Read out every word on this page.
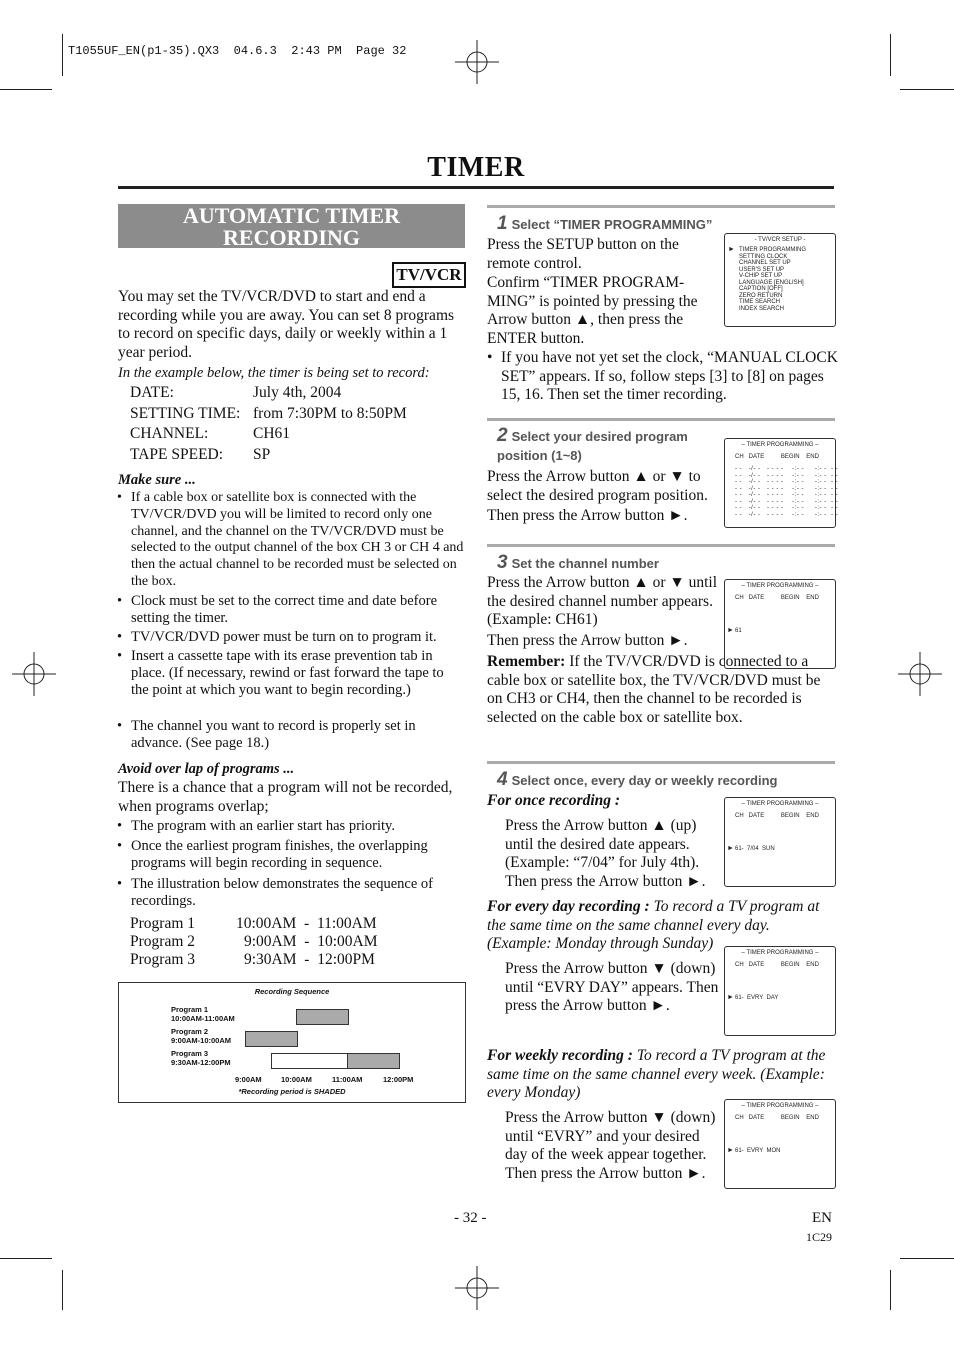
T1055UF_EN(p1-35).QX3  04.6.3  2:43 PM  Page 32
TIMER
AUTOMATIC TIMER RECORDING
TV/VCR
You may set the TV/VCR/DVD to start and end a recording while you are away. You can set 8 programs to record on specific days, daily or weekly within a 1 year period.
In the example below, the timer is being set to record:
DATE:	July 4th, 2004
SETTING TIME: from 7:30PM to 8:50PM
CHANNEL:	CH61
TAPE SPEED:	SP
Make sure ...
• If a cable box or satellite box is connected with the TV/VCR/DVD you will be limited to record only one channel, and the channel on the TV/VCR/DVD must be selected to the output channel of the box CH 3 or CH 4 and then the actual channel to be recorded must be selected on the box.
• Clock must be set to the correct time and date before setting the timer.
• TV/VCR/DVD power must be turn on to program it.
• Insert a cassette tape with its erase prevention tab in place. (If necessary, rewind or fast forward the tape to the point at which you want to begin recording.)
• The channel you want to record is properly set in advance. (See page 18.)
Avoid over lap of programs ...
There is a chance that a program will not be recorded, when programs overlap;
• The program with an earlier start has priority.
• Once the earliest program finishes, the overlapping programs will begin recording in sequence.
• The illustration below demonstrates the sequence of recordings.
Program 1	10:00AM  -  11:00AM
Program 2	9:00AM  -  10:00AM
Program 3	9:30AM  -  12:00PM
Recording Sequence
Program 1
10:00AM-11:00AM
Program 2
9:00AM-10:00AM
Program 3
9:30AM-12:00PM
9:00AM	10:00AM	11:00AM	12:00PM
*Recording period is SHADED
1 Select “TIMER PROGRAMMING”
Press the SETUP button on the remote control.
Confirm “TIMER PROGRAM-MING” is pointed by pressing the Arrow button ▲, then press the ENTER button.
- TV/VCR SETUP -
► TIMER PROGRAMMING
SETTING CLOCK
CHANNEL SET UP
USER'S SET UP
V-CHIP SET UP
LANGUAGE [ENGLISH]
CAPTION [OFF]
ZERO RETURN
TIME SEARCH
INDEX SEARCH
• If you have not yet set the clock, “MANUAL CLOCK SET” appears. If so, follow steps [3] to [8] on pages 15, 16. Then set the timer recording.
2 Select your desired program position (1~8)
Press the Arrow button ▲ or ▼ to select the desired program position.
Then press the Arrow button ►.
– TIMER PROGRAMMING –
CH   DATE          BEGIN    END
- -   -/- -   - - - -    -:- -     -:- -  - -
- -   -/- -   - - - -    -:- -     -:- -  - -
- -   -/- -   - - - -    -:- -     -:- -  - -
- -   -/- -   - - - -    -:- -     -:- -  - -
- -   -/- -   - - - -    -:- -     -:- -  - -
- -   -/- -   - - - -    -:- -     -:- -  - -
- -   -/- -   - - - -    -:- -     -:- -  - -
- -   -/- -   - - - -    -:- -     -:- -  - -
3 Set the channel number
Press the Arrow button ▲ or ▼ until the desired channel number appears. (Example: CH61)
Then press the Arrow button ►.
– TIMER PROGRAMMING –
CH   DATE          BEGIN    END
► 61
Remember: If the TV/VCR/DVD is connected to a cable box or satellite box, the TV/VCR/DVD must be on CH3 or CH4, then the channel to be recorded is selected on the cable box or satellite box.
4 Select once, every day or weekly recording
For once recording :
Press the Arrow button ▲ (up) until the desired date appears. (Example: “7/04” for July 4th). Then press the Arrow button ►.
– TIMER PROGRAMMING –
CH   DATE          BEGIN    END
► 61-  7/04  SUN
For every day recording : To record a TV program at the same time on the same channel every day. (Example: Monday through Sunday)
Press the Arrow button ▼ (down) until “EVRY DAY” appears. Then press the Arrow button ►.
– TIMER PROGRAMMING –
CH   DATE          BEGIN    END
► 61-  EVRY  DAY
For weekly recording : To record a TV program at the same time on the same channel every week. (Example: every Monday)
Press the Arrow button ▼ (down) until “EVRY” and your desired day of the week appear together. Then press the Arrow button ►.
– TIMER PROGRAMMING –
CH   DATE          BEGIN    END
► 61-  EVRY  MON
- 32 -	EN
1C29
